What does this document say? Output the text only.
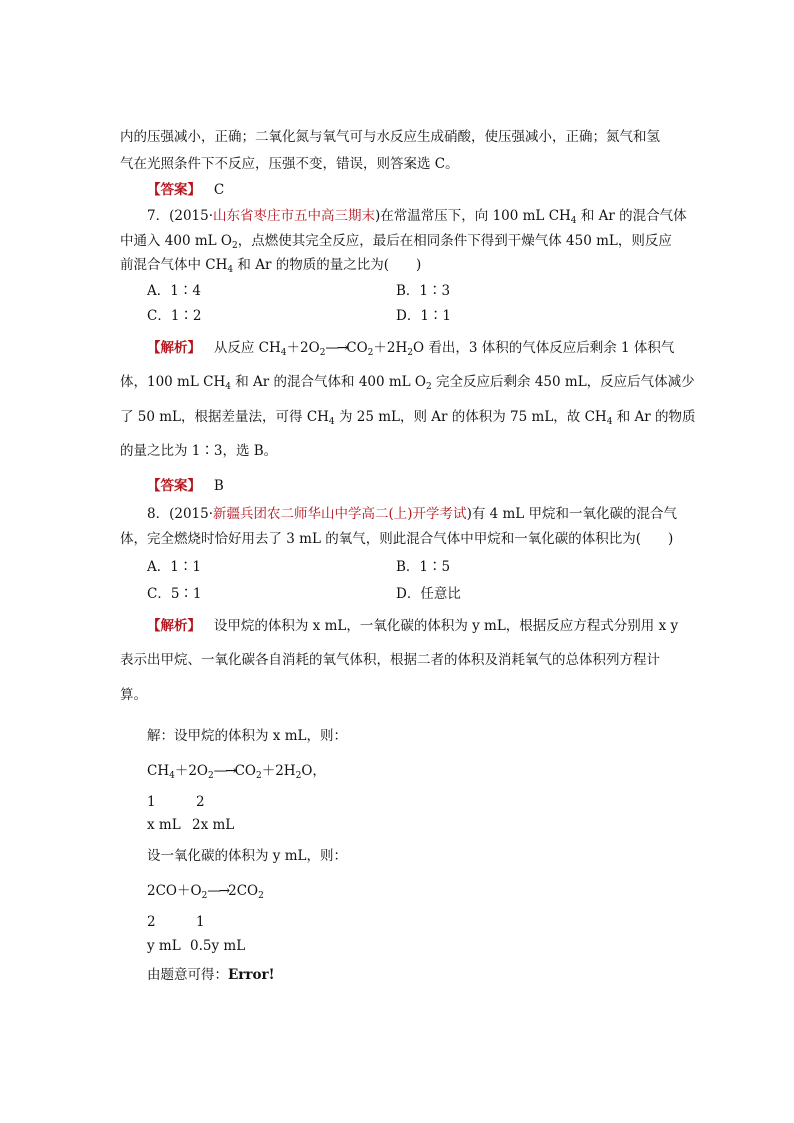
内的压强减小，正确；二氧化氮与氧气可与水反应生成硝酸，使压强减小，正确；氮气和氢
气在光照条件下不反应，压强不变，错误，则答案选 C。
【答案】 C
7．(2015·山东省枣庄市五中高三期末)在常温常压下，向 100 mL $CH_4$ 和 Ar 的混合气体
中通入 400 mL $O_2$，点燃使其完全反应，最后在相同条件下得到干燥气体 450 mL，则反应
前混合气体中 $CH_4$ 和 Ar 的物质的量之比为(　　)
A．1∶4	B．1∶3
C．1∶2	D．1∶1
【解析】 从反应 $CH_4+2O_2—\to CO_2+2H_2O$ 看出，3 体积的气体反应后剩余 1 体积气
体，100 mL $CH_4$ 和 Ar 的混合气体和 400 mL $O_2$ 完全反应后剩余 450 mL，反应后气体减少
了 50 mL，根据差量法，可得 $CH_4$ 为 25 mL，则 Ar 的体积为 75 mL，故 $CH_4$ 和 Ar 的物质
的量之比为 1∶3，选 B。
【答案】 B
8．(2015·新疆兵团农二师华山中学高二(上)开学考试)有 4 mL 甲烷和一氧化碳的混合气
体，完全燃烧时恰好用去了 3 mL 的氧气，则此混合气体中甲烷和一氧化碳的体积比为(　　)
A．1∶1	B．1∶5
C．5∶1	D．任意比
【解析】 设甲烷的体积为 x mL，一氧化碳的体积为 y mL，根据反应方程式分别用 x y
表示出甲烷、一氧化碳各自消耗的氧气体积，根据二者的体积及消耗氧气的总体积列方程计
算。
解：设甲烷的体积为 x mL，则：
$CH_4+2O_2—\to CO_2+2H_2O$，
1	2
x mL 2x mL
设一氧化碳的体积为 y mL，则：
$2CO+O_2—\to 2CO_2$
2	1
y mL 0.5y mL
由题意可得：Error!
